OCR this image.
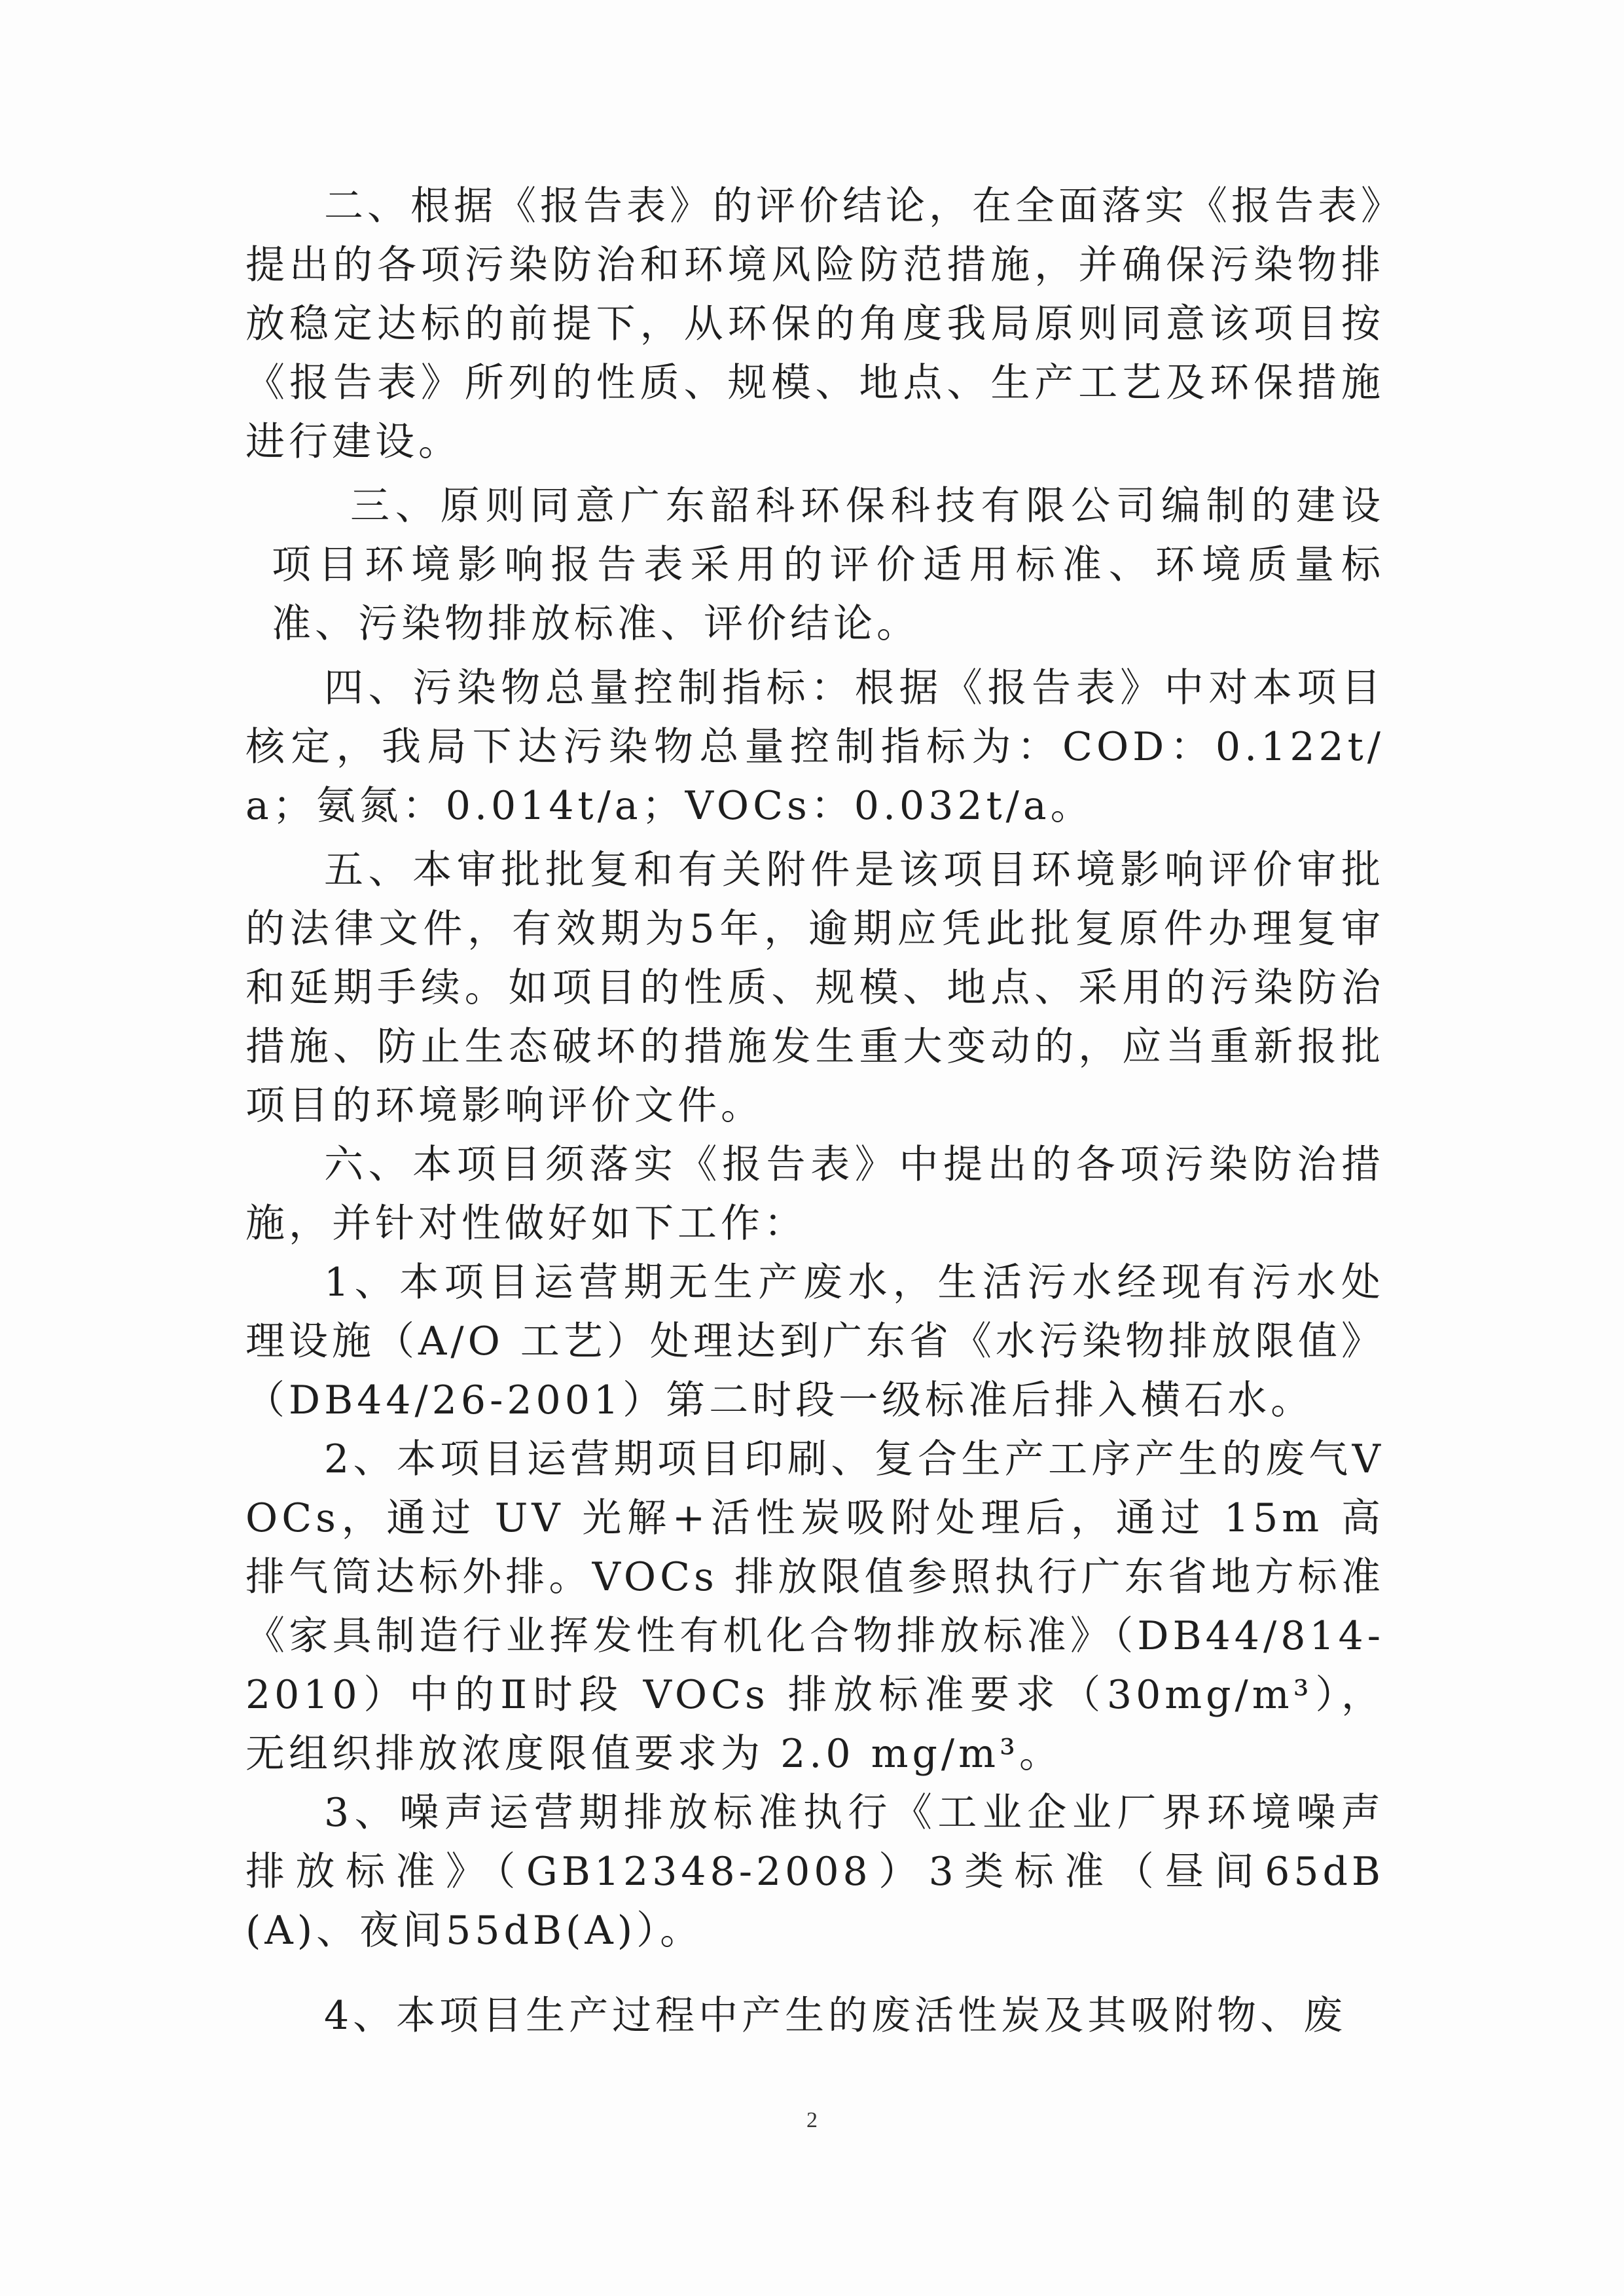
二、根据《报告表》的评价结论，在全面落实《报告表》提出的各项污染防治和环境风险防范措施，并确保污染物排放稳定达标的前提下，从环保的角度我局原则同意该项目按《报告表》所列的性质、规模、地点、生产工艺及环保措施进行建设。

三、原则同意广东韶科环保科技有限公司编制的建设项目环境影响报告表采用的评价适用标准、环境质量标准、污染物排放标准、评价结论。

四、污染物总量控制指标：根据《报告表》中对本项目核定，我局下达污染物总量控制指标为：COD：0.122t/a；氨氮：0.014t/a；VOCs：0.032t/a。

五、本审批批复和有关附件是该项目环境影响评价审批的法律文件，有效期为5年，逾期应凭此批复原件办理复审和延期手续。如项目的性质、规模、地点、采用的污染防治措施、防止生态破坏的措施发生重大变动的，应当重新报批项目的环境影响评价文件。

六、本项目须落实《报告表》中提出的各项污染防治措施，并针对性做好如下工作：

1、本项目运营期无生产废水，生活污水经现有污水处理设施（A/O 工艺）处理达到广东省《水污染物排放限值》（DB44/26-2001）第二时段一级标准后排入横石水。

2、本项目运营期项目印刷、复合生产工序产生的废气VOCs，通过 UV 光解+活性炭吸附处理后，通过 15m 高排气筒达标外排。VOCs 排放限值参照执行广东省地方标准《家具制造行业挥发性有机化合物排放标准》（DB44/814-2010）中的Ⅱ时段 VOCs 排放标准要求（30mg/m³），无组织排放浓度限值要求为 2.0 mg/m³。

3、噪声运营期排放标准执行《工业企业厂界环境噪声排放标准》（GB12348-2008）3类标准（昼间65dB(A)、夜间55dB(A)）。

4、本项目生产过程中产生的废活性炭及其吸附物、废

2
